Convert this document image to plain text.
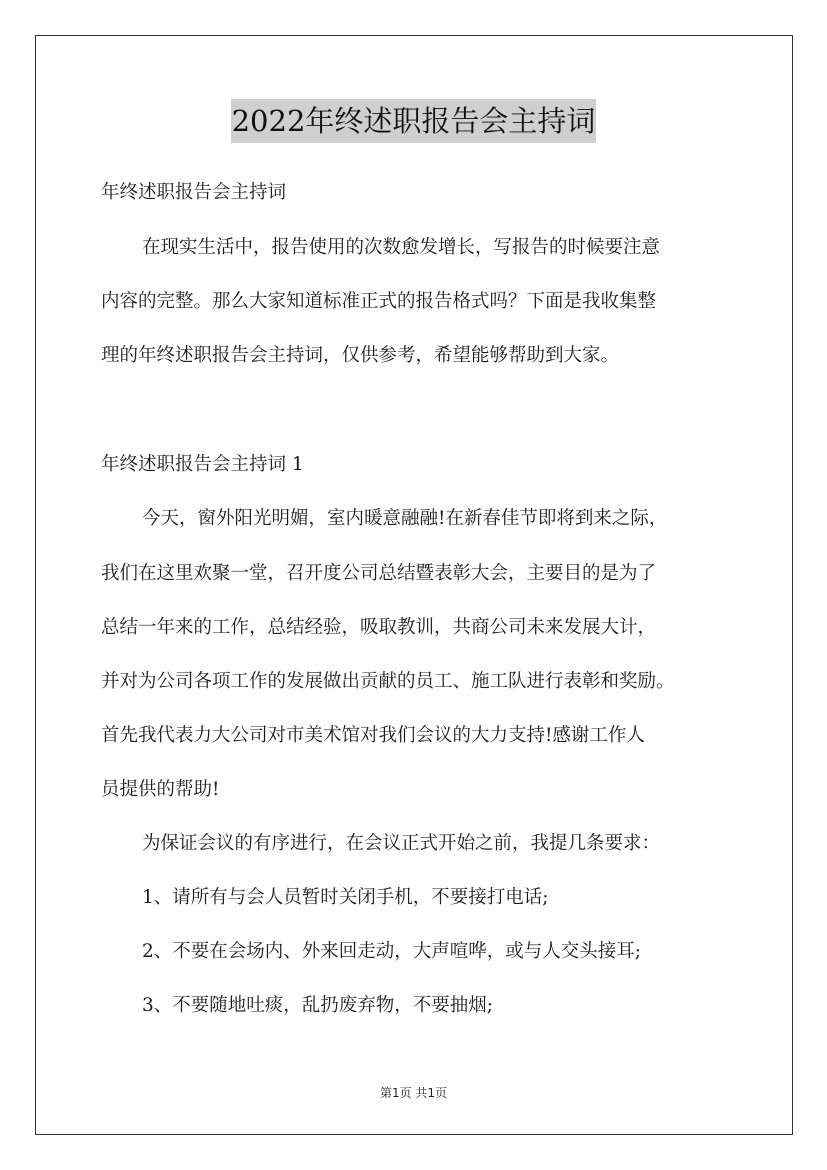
2022年终述职报告会主持词
年终述职报告会主持词
在现实生活中，报告使用的次数愈发增长，写报告的时候要注意
内容的完整。那么大家知道标准正式的报告格式吗？下面是我收集整
理的年终述职报告会主持词，仅供参考，希望能够帮助到大家。
年终述职报告会主持词 1
今天，窗外阳光明媚，室内暖意融融!在新春佳节即将到来之际，
我们在这里欢聚一堂，召开度公司总结暨表彰大会，主要目的是为了
总结一年来的工作，总结经验，吸取教训，共商公司未来发展大计，
并对为公司各项工作的发展做出贡献的员工、施工队进行表彰和奖励。
首先我代表力大公司对市美术馆对我们会议的大力支持!感谢工作人
员提供的帮助!
为保证会议的有序进行，在会议正式开始之前，我提几条要求：
1、请所有与会人员暂时关闭手机，不要接打电话;
2、不要在会场内、外来回走动，大声喧哗，或与人交头接耳;
3、不要随地吐痰，乱扔废弃物，不要抽烟;
第1页 共1页
